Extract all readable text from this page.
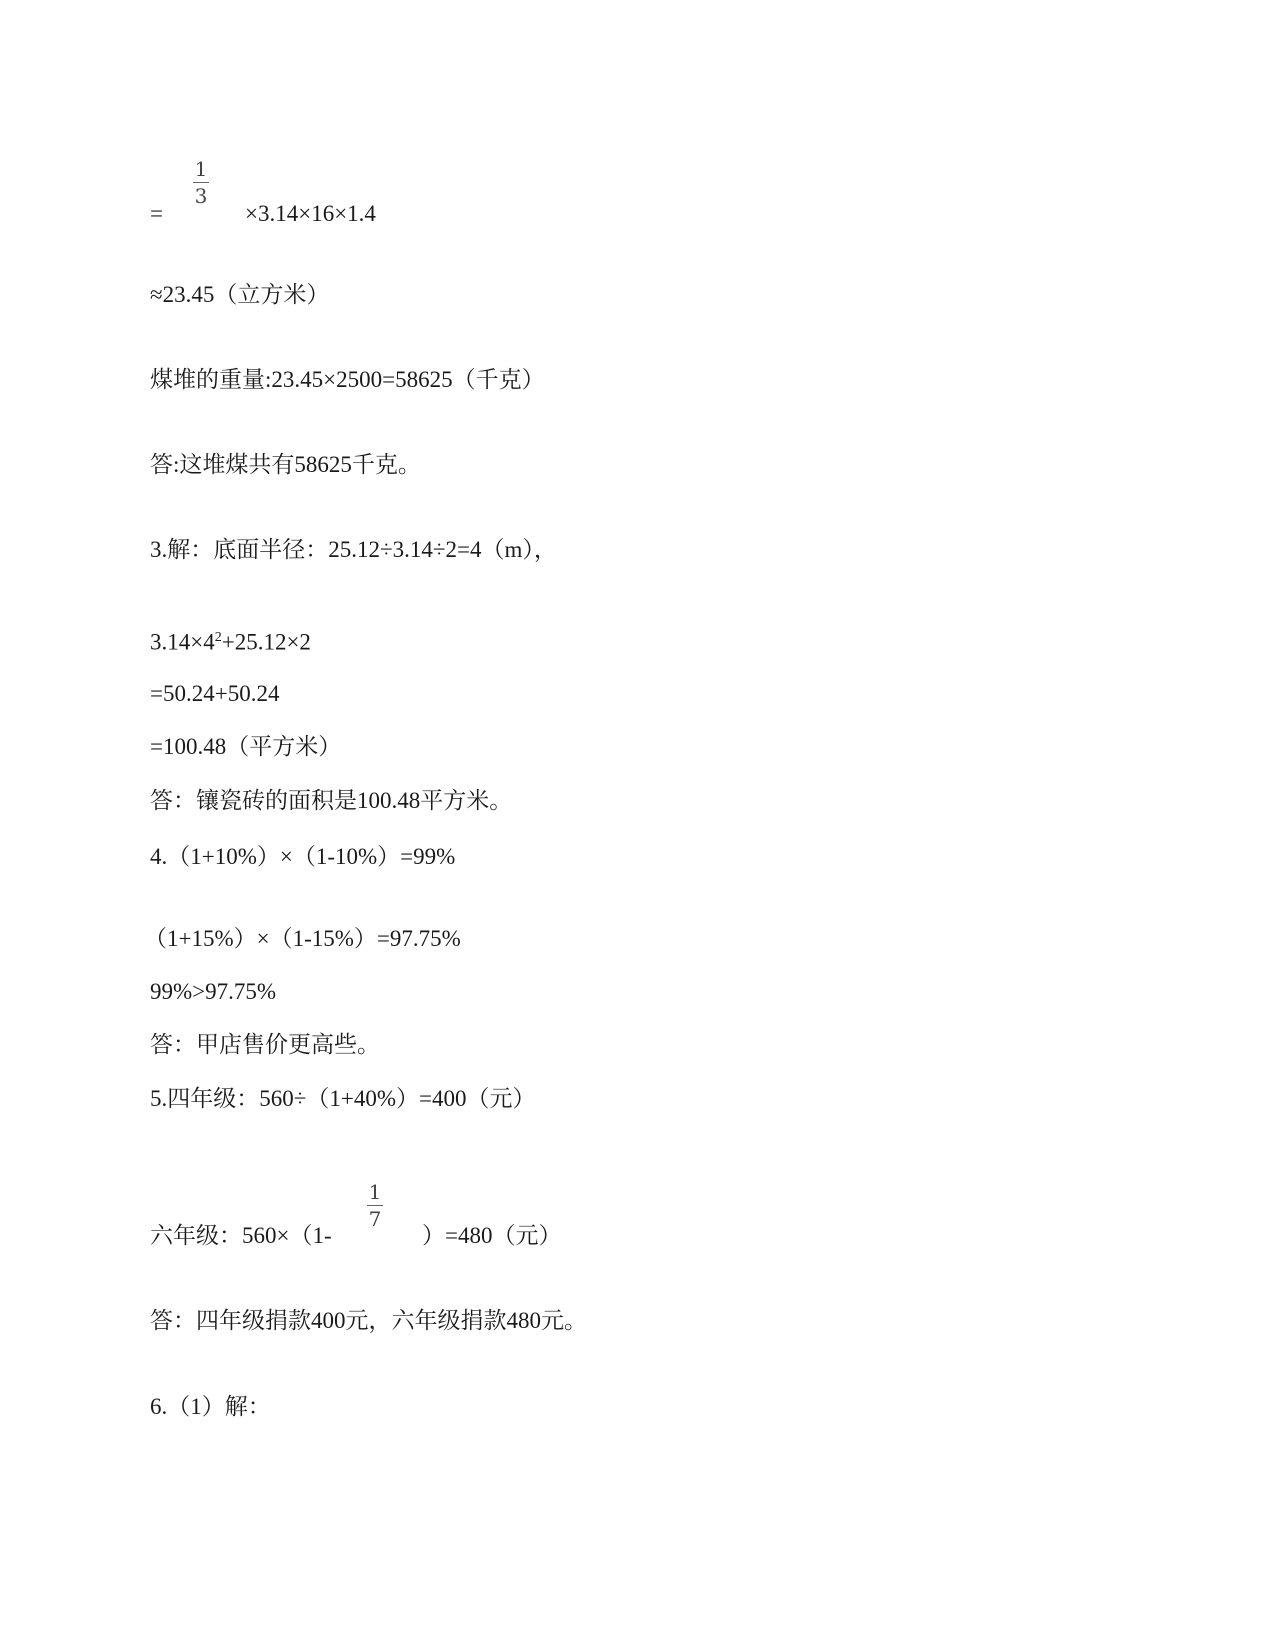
=
1
3
×3.14×16×1.4
≈23.45（立方米）
煤堆的重量:23.45×2500=58625（千克）
答:这堆煤共有58625千克。
3.解：底面半径：25.12÷3.14÷2=4（m），
$3.14\times 4^2+25.12\times 2$
=50.24+50.24
=100.48（平方米）
答：镶瓷砖的面积是100.48平方米。
4.（1+10%）×（1-10%）=99%
（1+15%）×（1-15%）=97.75%
99%>97.75%
答：甲店售价更高些。
5.四年级：560÷（1+40%）=400（元）
六年级：560×（1-
1
7
）=480（元）
答：四年级捐款400元，六年级捐款480元。
6.（1）解：
